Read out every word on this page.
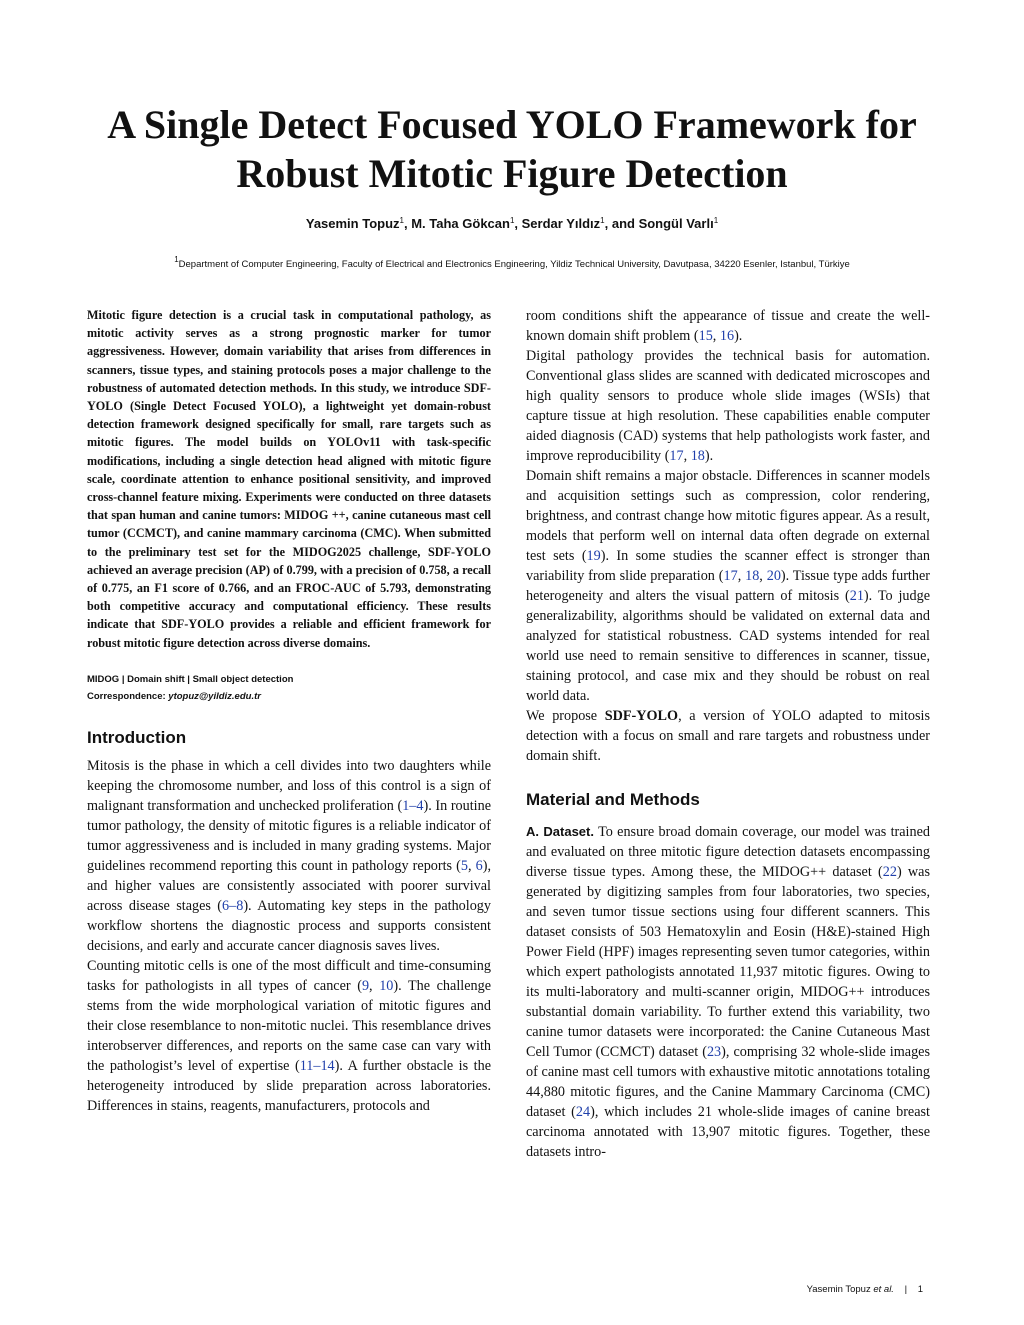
A Single Detect Focused YOLO Framework for
Robust Mitotic Figure Detection
Yasemin Topuz$^1$, M. Taha Gökcan$^1$, Serdar Yıldız$^1$, and Songül Varlı$^1$
$^1$Department of Computer Engineering, Faculty of Electrical and Electronics Engineering, Yildiz Technical University, Davutpasa, 34220 Esenler, Istanbul, Türkiye

Mitotic figure detection is a crucial task in computational pathology, as mitotic activity serves as a strong prognostic marker for tumor aggressiveness. However, domain variability that arises from differences in scanners, tissue types, and staining protocols poses a major challenge to the robustness of automated detection methods. In this study, we introduce SDF-YOLO (Single Detect Focused YOLO), a lightweight yet domain-robust detection framework designed specifically for small, rare targets such as mitotic figures. The model builds on YOLOv11 with task-specific modifications, including a single detection head aligned with mitotic figure scale, coordinate attention to enhance positional sensitivity, and improved cross-channel feature mixing. Experiments were conducted on three datasets that span human and canine tumors: MIDOG ++, canine cutaneous mast cell tumor (CCMCT), and canine mammary carcinoma (CMC). When submitted to the preliminary test set for the MIDOG2025 challenge, SDF-YOLO achieved an average precision (AP) of 0.799, with a precision of 0.758, a recall of 0.775, an F1 score of 0.766, and an FROC-AUC of 5.793, demonstrating both competitive accuracy and computational efficiency. These results indicate that SDF-YOLO provides a reliable and efficient framework for robust mitotic figure detection across diverse domains.

MIDOG | Domain shift | Small object detection
Correspondence: ytopuz@yildiz.edu.tr
Introduction

Mitosis is the phase in which a cell divides into two daughters while keeping the chromosome number, and loss of this control is a sign of malignant transformation and unchecked proliferation (1–4). In routine tumor pathology, the density of mitotic figures is a reliable indicator of tumor aggressiveness and is included in many grading systems. Major guidelines recommend reporting this count in pathology reports (5, 6), and higher values are consistently associated with poorer survival across disease stages (6–8). Automating key steps in the pathology workflow shortens the diagnostic process and supports consistent decisions, and early and accurate cancer diagnosis saves lives.

Counting mitotic cells is one of the most difficult and time-consuming tasks for pathologists in all types of cancer (9, 10). The challenge stems from the wide morphological variation of mitotic figures and their close resemblance to non-mitotic nuclei. This resemblance drives interobserver differences, and reports on the same case can vary with the pathologist’s level of expertise (11–14). A further obstacle is the heterogeneity introduced by slide preparation across laboratories. Differences in stains, reagents, manufacturers, protocols and

room conditions shift the appearance of tissue and create the well-known domain shift problem (15, 16).

Digital pathology provides the technical basis for automation. Conventional glass slides are scanned with dedicated microscopes and high quality sensors to produce whole slide images (WSIs) that capture tissue at high resolution. These capabilities enable computer aided diagnosis (CAD) systems that help pathologists work faster, and improve reproducibility (17, 18).

Domain shift remains a major obstacle. Differences in scanner models and acquisition settings such as compression, color rendering, brightness, and contrast change how mitotic figures appear. As a result, models that perform well on internal data often degrade on external test sets (19). In some studies the scanner effect is stronger than variability from slide preparation (17, 18, 20). Tissue type adds further heterogeneity and alters the visual pattern of mitosis (21). To judge generalizability, algorithms should be validated on external data and analyzed for statistical robustness. CAD systems intended for real world use need to remain sensitive to differences in scanner, tissue, staining protocol, and case mix and they should be robust on real world data.

We propose SDF-YOLO, a version of YOLO adapted to mitosis detection with a focus on small and rare targets and robustness under domain shift.

Material and Methods

A. Dataset. To ensure broad domain coverage, our model was trained and evaluated on three mitotic figure detection datasets encompassing diverse tissue types. Among these, the MIDOG++ dataset (22) was generated by digitizing samples from four laboratories, two species, and seven tumor tissue sections using four different scanners. This dataset consists of 503 Hematoxylin and Eosin (H&E)-stained High Power Field (HPF) images representing seven tumor categories, within which expert pathologists annotated 11,937 mitotic figures. Owing to its multi-laboratory and multi-scanner origin, MIDOG++ introduces substantial domain variability. To further extend this variability, two canine tumor datasets were incorporated: the Canine Cutaneous Mast Cell Tumor (CCMCT) dataset (23), comprising 32 whole-slide images of canine mast cell tumors with exhaustive mitotic annotations totaling 44,880 mitotic figures, and the Canine Mammary Carcinoma (CMC) dataset (24), which includes 21 whole-slide images of canine breast carcinoma annotated with 13,907 mitotic figures. Together, these datasets intro-

Yasemin Topuz et al. | 1
